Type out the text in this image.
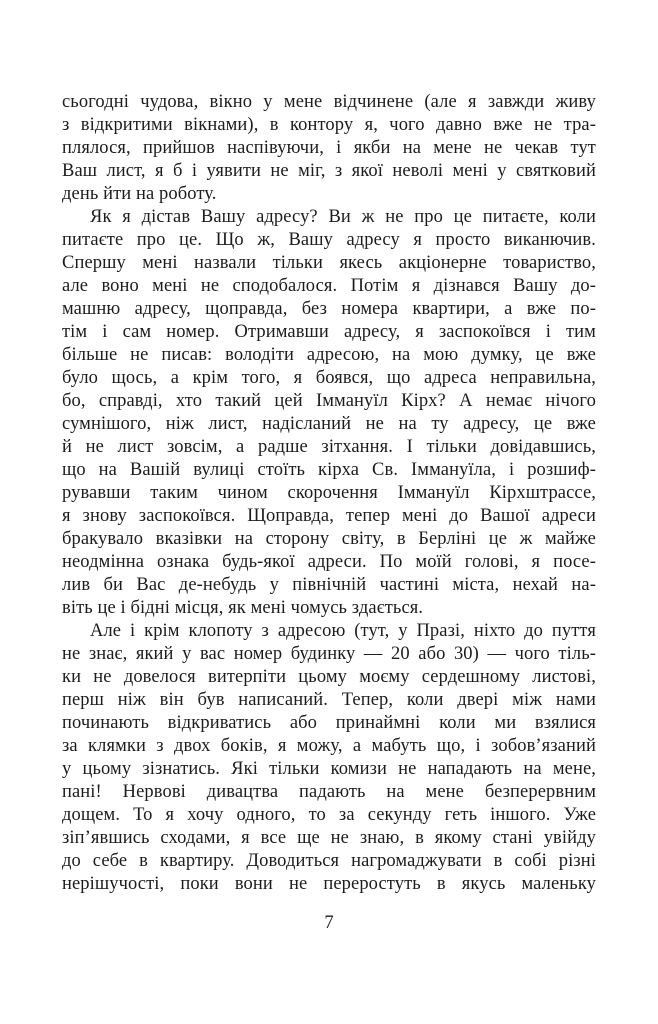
сьогодні чудова, вікно у мене відчинене (але я завжди живу
з відкритими вікнами), в контору я, чого давно вже не тра-
плялося, прийшов наспівуючи, і якби на мене не чекав тут
Ваш лист, я б і уявити не міг, з якої неволі мені у святковий
день йти на роботу.
Як я дістав Вашу адресу? Ви ж не про це питаєте, коли
питаєте про це. Що ж, Вашу адресу я просто виканючив.
Спершу мені назвали тільки якесь акціонерне товариство,
але воно мені не сподобалося. Потім я дізнався Вашу до-
машню адресу, щоправда, без номера квартири, а вже по-
тім і сам номер. Отримавши адресу, я заспокоївся і тим
більше не писав: володіти адресою, на мою думку, це вже
було щось, а крім того, я боявся, що адреса неправильна,
бо, справді, хто такий цей Іммануїл Кірх? А немає нічого
сумнішого, ніж лист, надісланий не на ту адресу, це вже
й не лист зовсім, а радше зітхання. І тільки довідавшись,
що на Вашій вулиці стоїть кірха Св. Іммануїла, і розшиф-
рувавши таким чином скорочення Іммануїл Кірхштрассе,
я знову заспокоївся. Щоправда, тепер мені до Вашої адреси
бракувало вказівки на сторону світу, в Берліні це ж майже
неодмінна ознака будь-якої адреси. По моїй голові, я посе-
лив би Вас де-небудь у північній частині міста, нехай на-
віть це і бідні місця, як мені чомусь здається.
Але і крім клопоту з адресою (тут, у Празі, ніхто до пуття
не знає, який у вас номер будинку — 20 або 30) — чого тіль-
ки не довелося витерпіти цьому моєму сердешному листові,
перш ніж він був написаний. Тепер, коли двері між нами
починають відкриватись або принаймні коли ми взялися
за клямки з двох боків, я можу, а мабуть що, і зобов’язаний
у цьому зізнатись. Які тільки комизи не нападають на мене,
пані! Нервові дивацтва падають на мене безперервним
дощем. То я хочу одного, то за секунду геть іншого. Уже
зіп’явшись сходами, я все ще не знаю, в якому стані увійду
до себе в квартиру. Доводиться нагромаджувати в собі різні
нерішучості, поки вони не переростуть в якусь маленьку
7
